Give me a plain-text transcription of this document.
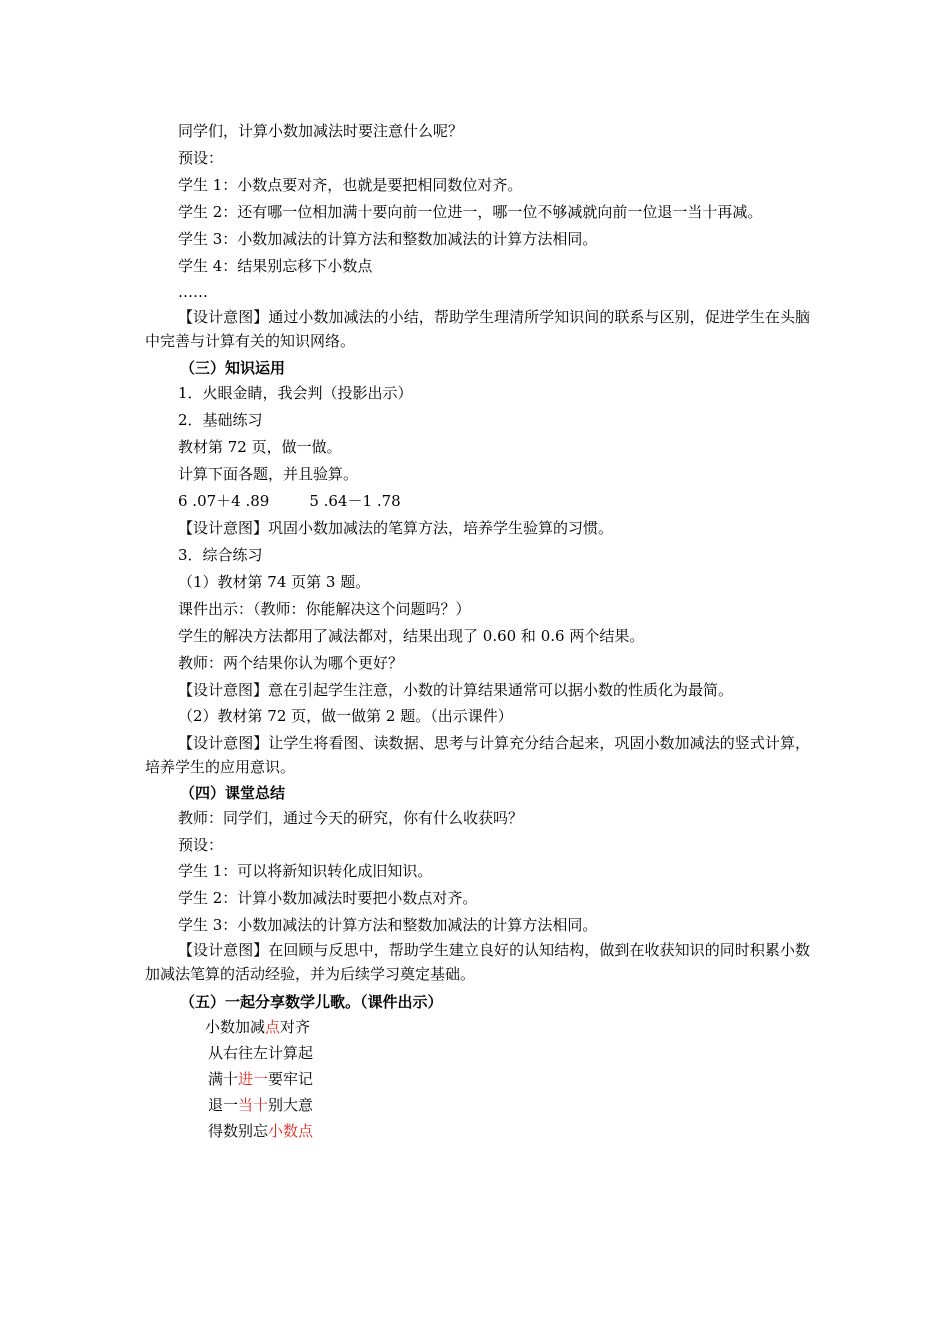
同学们，计算小数加减法时要注意什么呢？
预设：
学生 1：小数点要对齐，也就是要把相同数位对齐。
学生 2：还有哪一位相加满十要向前一位进一，哪一位不够减就向前一位退一当十再减。
学生 3：小数加减法的计算方法和整数加减法的计算方法相同。
学生 4：结果别忘移下小数点
……
【设计意图】通过小数加减法的小结，帮助学生理清所学知识间的联系与区别，促进学生在头脑中完善与计算有关的知识网络。
（三）知识运用
1．火眼金睛，我会判（投影出示）
2．基础练习
教材第 72 页，做一做。
计算下面各题，并且验算。
6 .07＋4 .89	5 .64－1 .78
【设计意图】巩固小数加减法的笔算方法，培养学生验算的习惯。
3．综合练习
（1）教材第 74 页第 3 题。
课件出示：（教师：你能解决这个问题吗？）
学生的解决方法都用了减法都对，结果出现了 0.60 和 0.6 两个结果。
教师：两个结果你认为哪个更好？
【设计意图】意在引起学生注意，小数的计算结果通常可以据小数的性质化为最简。
（2）教材第 72 页，做一做第 2 题。（出示课件）
【设计意图】让学生将看图、读数据、思考与计算充分结合起来，巩固小数加减法的竖式计算，培养学生的应用意识。
（四）课堂总结
教师：同学们，通过今天的研究，你有什么收获吗？
预设：
学生 1：可以将新知识转化成旧知识。
学生 2：计算小数加减法时要把小数点对齐。
学生 3：小数加减法的计算方法和整数加减法的计算方法相同。
【设计意图】在回顾与反思中，帮助学生建立良好的认知结构，做到在收获知识的同时积累小数加减法笔算的活动经验，并为后续学习奠定基础。
（五）一起分享数学儿歌。（课件出示）
小数加减点对齐
从右往左计算起
满十进一要牢记
退一当十别大意
得数别忘小数点
